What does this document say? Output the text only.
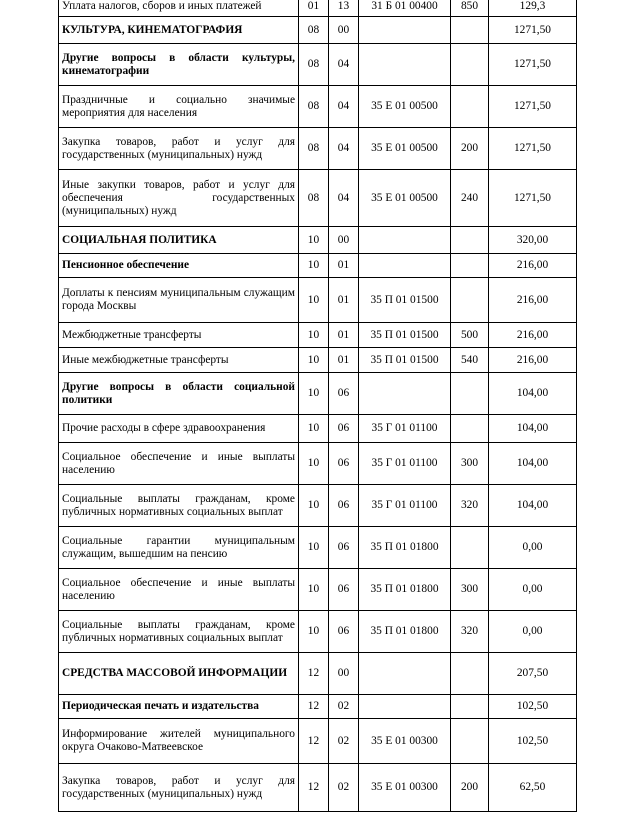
Уплата налогов, сборов и иных платежей	01	13	31 Б 01 00400	850	129,3
КУЛЬТУРА, КИНЕМАТОГРАФИЯ	08	00			1271,50
Другие вопросы в области культуры, кинематографии	08	04			1271,50
Праздничные и социально значимые мероприятия для населения	08	04	35 Е 01 00500		1271,50
Закупка товаров, работ и услуг для государственных (муниципальных) нужд	08	04	35 Е 01 00500	200	1271,50
Иные закупки товаров, работ и услуг для обеспечения государственных (муниципальных) нужд	08	04	35 Е 01 00500	240	1271,50
СОЦИАЛЬНАЯ ПОЛИТИКА	10	00			320,00
Пенсионное обеспечение	10	01			216,00
Доплаты к пенсиям муниципальным служащим города Москвы	10	01	35 П 01 01500		216,00
Межбюджетные трансферты	10	01	35 П 01 01500	500	216,00
Иные межбюджетные трансферты	10	01	35 П 01 01500	540	216,00
Другие вопросы в области социальной политики	10	06			104,00
Прочие расходы в сфере здравоохранения	10	06	35 Г 01 01100		104,00
Социальное обеспечение и иные выплаты населению	10	06	35 Г 01 01100	300	104,00
Социальные выплаты гражданам, кроме публичных нормативных социальных выплат	10	06	35 Г 01 01100	320	104,00
Социальные гарантии муниципальным служащим, вышедшим на пенсию	10	06	35 П 01 01800		0,00
Социальное обеспечение и иные выплаты населению	10	06	35 П 01 01800	300	0,00
Социальные выплаты гражданам, кроме публичных нормативных социальных выплат	10	06	35 П 01 01800	320	0,00
СРЕДСТВА МАССОВОЙ ИНФОРМАЦИИ	12	00			207,50
Периодическая печать и издательства	12	02			102,50
Информирование жителей муниципального округа Очаково-Матвеевское	12	02	35 Е 01 00300		102,50
Закупка товаров, работ и услуг для государственных (муниципальных) нужд	12	02	35 Е 01 00300	200	62,50
